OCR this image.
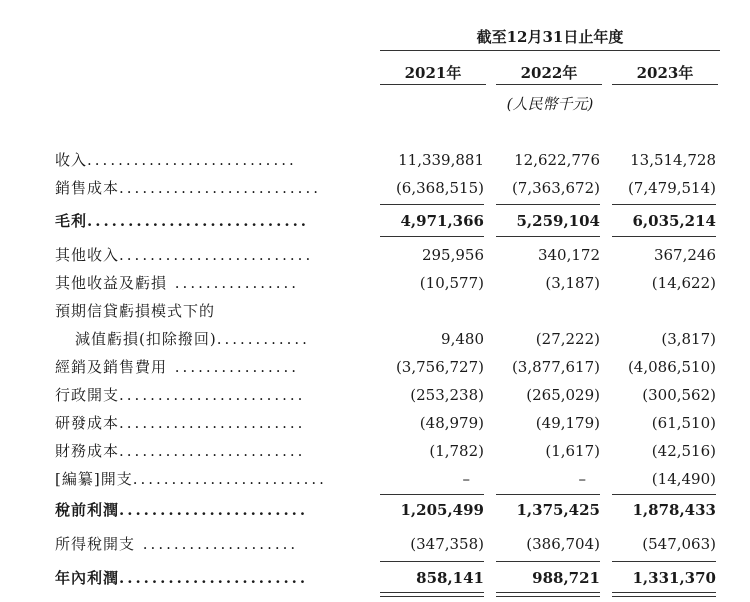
截至12月31日止年度
2021年	2022年	2023年
(人民幣千元)
收入...........................	11,339,881	12,622,776	13,514,728
銷售成本..........................	(6,368,515)	(7,363,672)	(7,479,514)
毛利...........................	4,971,366	5,259,104	6,035,214
其他收入.........................	295,956	340,172	367,246
其他收益及虧損 ................	(10,577)	(3,187)	(14,622)
預期信貸虧損模式下的
減值虧損(扣除撥回)............	9,480	(27,222)	(3,817)
經銷及銷售費用 ................	(3,756,727)	(3,877,617)	(4,086,510)
行政開支........................	(253,238)	(265,029)	(300,562)
研發成本........................	(48,979)	(49,179)	(61,510)
財務成本........................	(1,782)	(1,617)	(42,516)
[編纂]開支.........................	–	–	(14,490)
稅前利潤.......................	1,205,499	1,375,425	1,878,433
所得稅開支 ....................	(347,358)	(386,704)	(547,063)
年內利潤.......................	858,141	988,721	1,331,370
